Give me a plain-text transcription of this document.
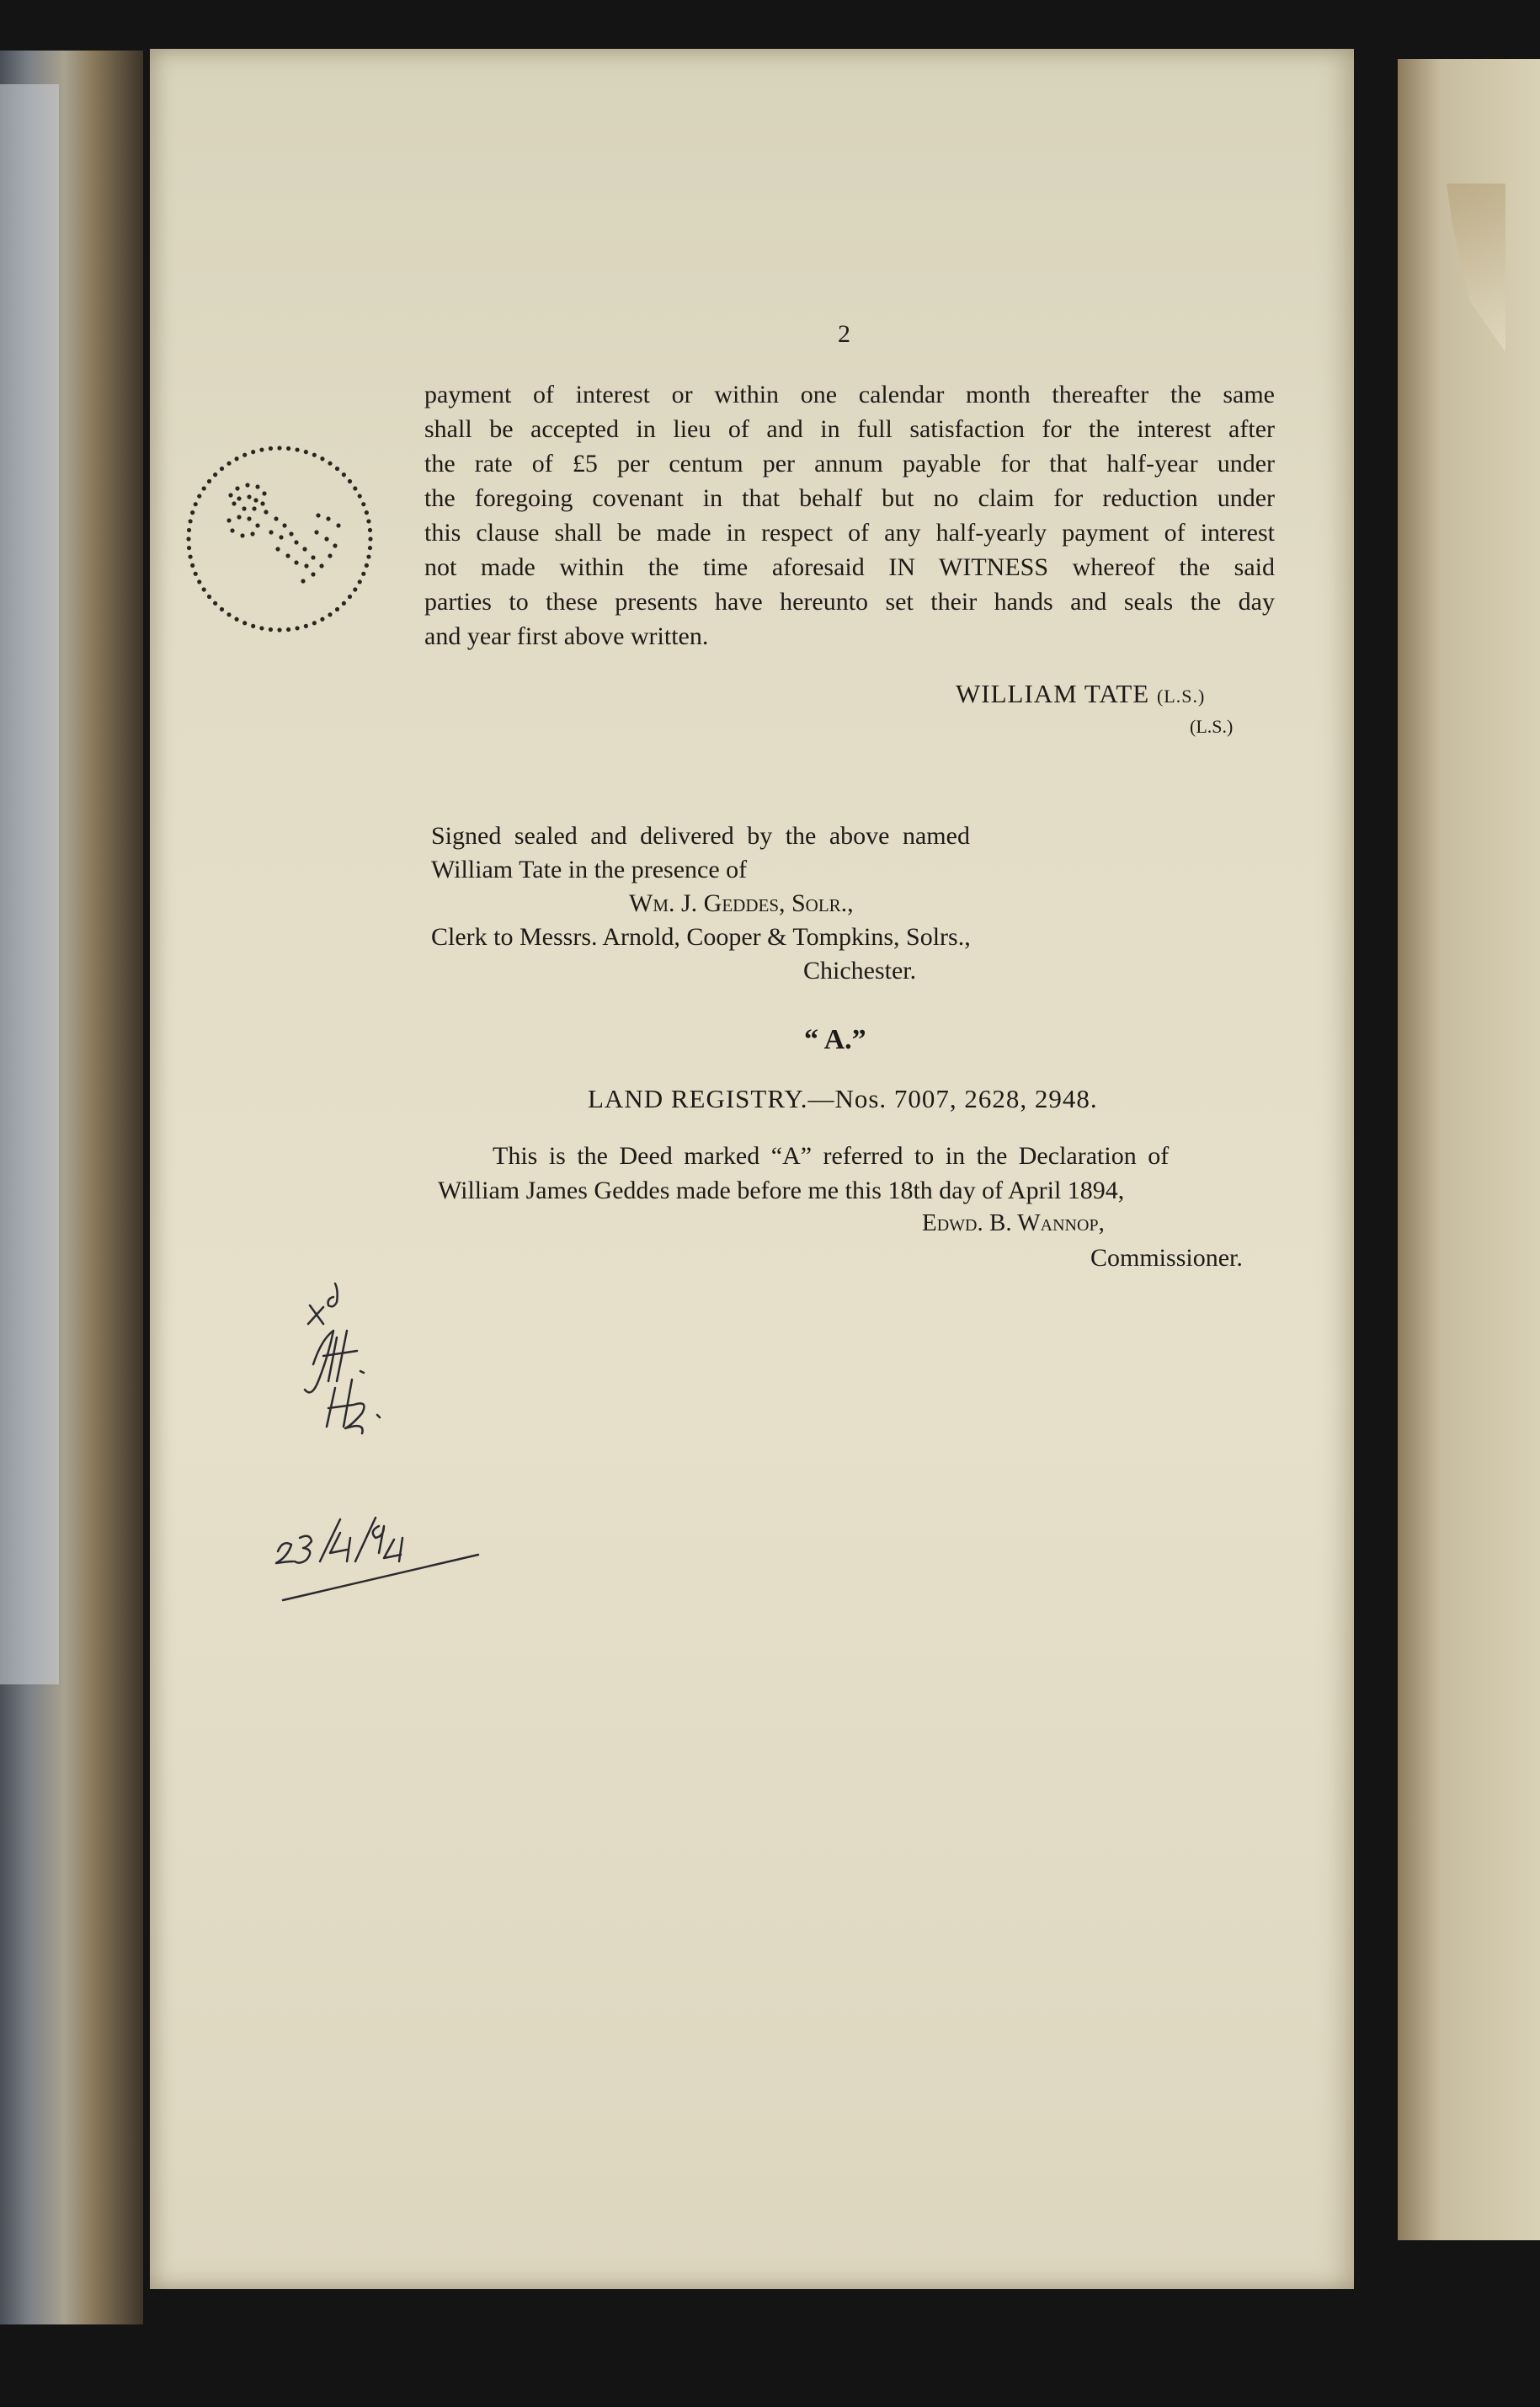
2
payment of interest or within one calendar month thereafter the same
shall be accepted in lieu of and in full satisfaction for the interest after
the rate of £5 per centum per annum payable for that half-year under
the foregoing covenant in that behalf but no claim for reduction under
this clause shall be made in respect of any half-yearly payment of interest
not made within the time aforesaid IN WITNESS whereof the said
parties to these presents have hereunto set their hands and seals the day
and year first above written.
WILLIAM TATE (L.S.)
(L.S.)
Signed sealed and delivered by the above named
William Tate in the presence of
Wm. J. Geddes, Solr.,
Clerk to Messrs. Arnold, Cooper & Tompkins, Solrs.,
Chichester.
“ A.”
LAND REGISTRY.—Nos. 7007, 2628, 2948.
This is the Deed marked “A” referred to in the Declaration of
William James Geddes made before me this 18th day of April 1894,
Edwd. B. Wannop,
Commissioner.
